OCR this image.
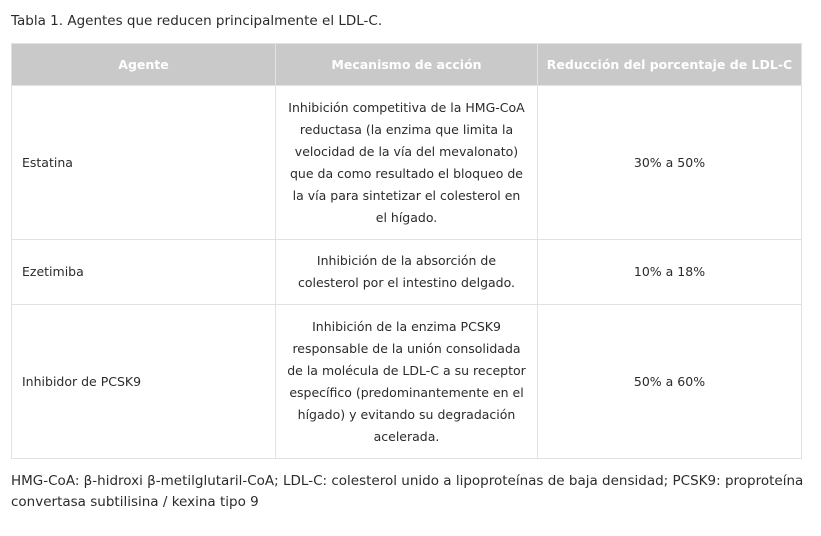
Tabla 1. Agentes que reducen principalmente el LDL-C.
Agente	Mecanismo de acción	Reducción del porcentaje de LDL-C
Estatina	Inhibición competitiva de la HMG-CoA reductasa (la enzima que limita la velocidad de la vía del mevalonato) que da como resultado el bloqueo de la vía para sintetizar el colesterol en el hígado.	30% a 50%
Ezetimiba	Inhibición de la absorción de colesterol por el intestino delgado.	10% a 18%
Inhibidor de PCSK9	Inhibición de la enzima PCSK9 responsable de la unión consolidada de la molécula de LDL-C a su receptor específico (predominantemente en el hígado) y evitando su degradación acelerada.	50% a 60%
HMG-CoA: β-hidroxi β-metilglutaril-CoA; LDL-C: colesterol unido a lipoproteínas de baja densidad; PCSK9: proproteína convertasa subtilisina / kexina tipo 9
